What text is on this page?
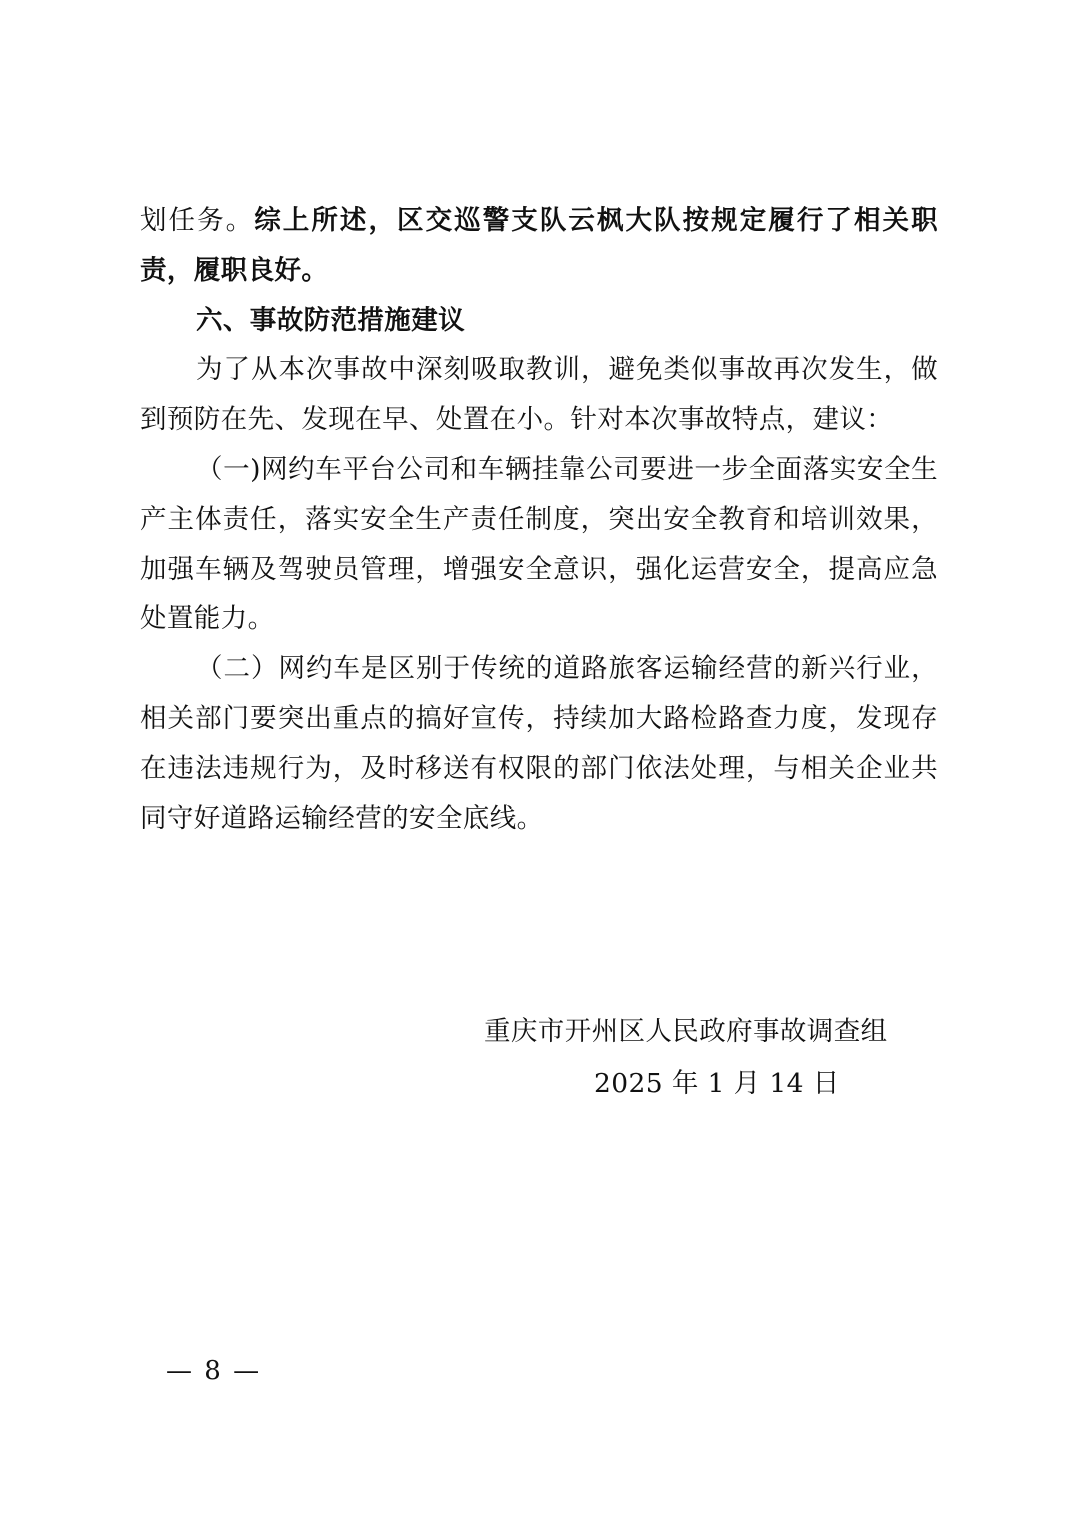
划任务。综上所述，区交巡警支队云枫大队按规定履行了相关职责，履职良好。

六、事故防范措施建议

为了从本次事故中深刻吸取教训，避免类似事故再次发生，做到预防在先、发现在早、处置在小。针对本次事故特点，建议：

（一)网约车平台公司和车辆挂靠公司要进一步全面落实安全生产主体责任，落实安全生产责任制度，突出安全教育和培训效果，加强车辆及驾驶员管理，增强安全意识，强化运营安全，提高应急处置能力。

（二）网约车是区别于传统的道路旅客运输经营的新兴行业，相关部门要突出重点的搞好宣传，持续加大路检路查力度，发现存在违法违规行为，及时移送有权限的部门依法处理，与相关企业共同守好道路运输经营的安全底线。

重庆市开州区人民政府事故调查组
2025 年 1 月 14 日
— 8 —
